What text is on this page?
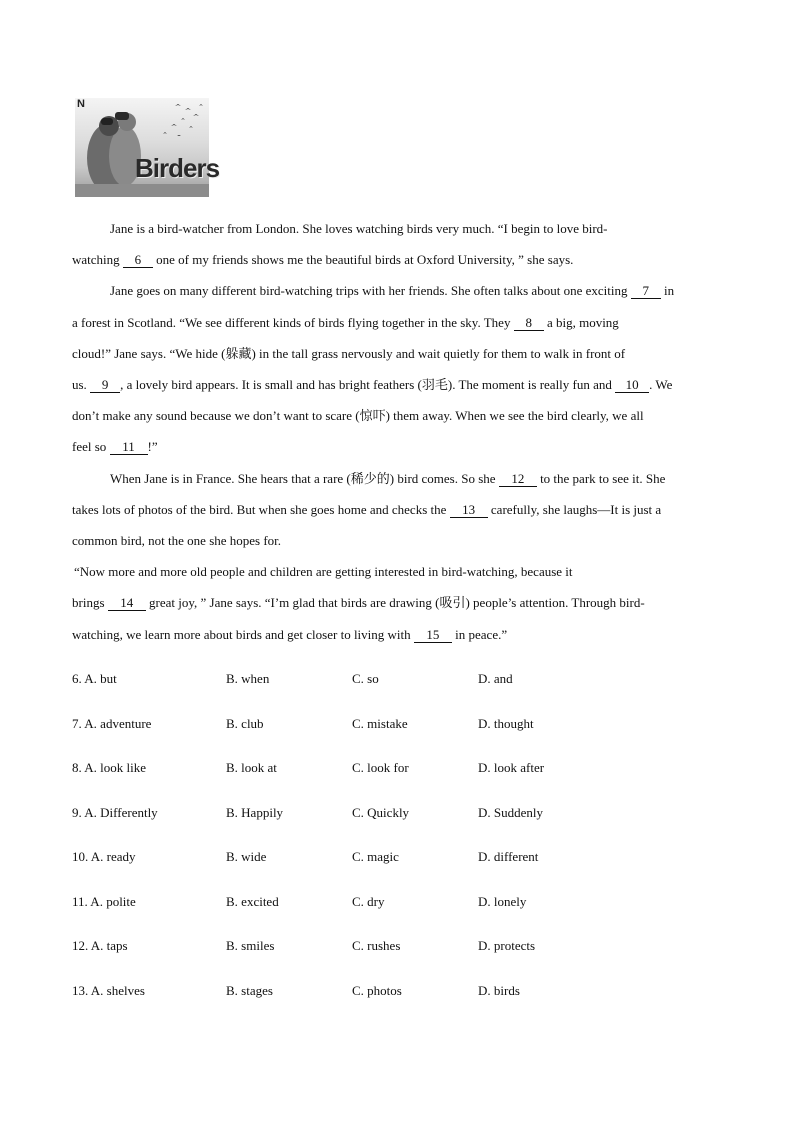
N
Birders
Jane is a bird-watcher from London. She loves watching birds very much. “I begin to love bird-
watching 6 one of my friends shows me the beautiful birds at Oxford University, ” she says.
Jane goes on many different bird-watching trips with her friends. She often talks about one exciting 7 in
a forest in Scotland. “We see different kinds of birds flying together in the sky. They 8 a big, moving
cloud!” Jane says. “We hide (躲藏) in the tall grass nervously and wait quietly for them to walk in front of
us. 9 , a lovely bird appears. It is small and has bright feathers (羽毛). The moment is really fun and 10 . We
don’t make any sound because we don’t want to scare (惊吓) them away. When we see the bird clearly, we all
feel so 11 !”
When Jane is in France. She hears that a rare (稀少的) bird comes. So she 12 to the park to see it. She
takes lots of photos of the bird. But when she goes home and checks the 13 carefully, she laughs—It is just a
common bird, not the one she hopes for.
“Now more and more old people and children are getting interested in bird-watching, because it
brings 14 great joy, ” Jane says. “I’m glad that birds are drawing (吸引) people’s attention. Through bird-
watching, we learn more about birds and get closer to living with 15 in peace.”
6. A. but	B. when	C. so	D. and
7. A. adventure	B. club	C. mistake	D. thought
8. A. look like	B. look at	C. look for	D. look after
9. A. Differently	B. Happily	C. Quickly	D. Suddenly
10. A. ready	B. wide	C. magic	D. different
11. A. polite	B. excited	C. dry	D. lonely
12. A. taps	B. smiles	C. rushes	D. protects
13. A. shelves	B. stages	C. photos	D. birds
